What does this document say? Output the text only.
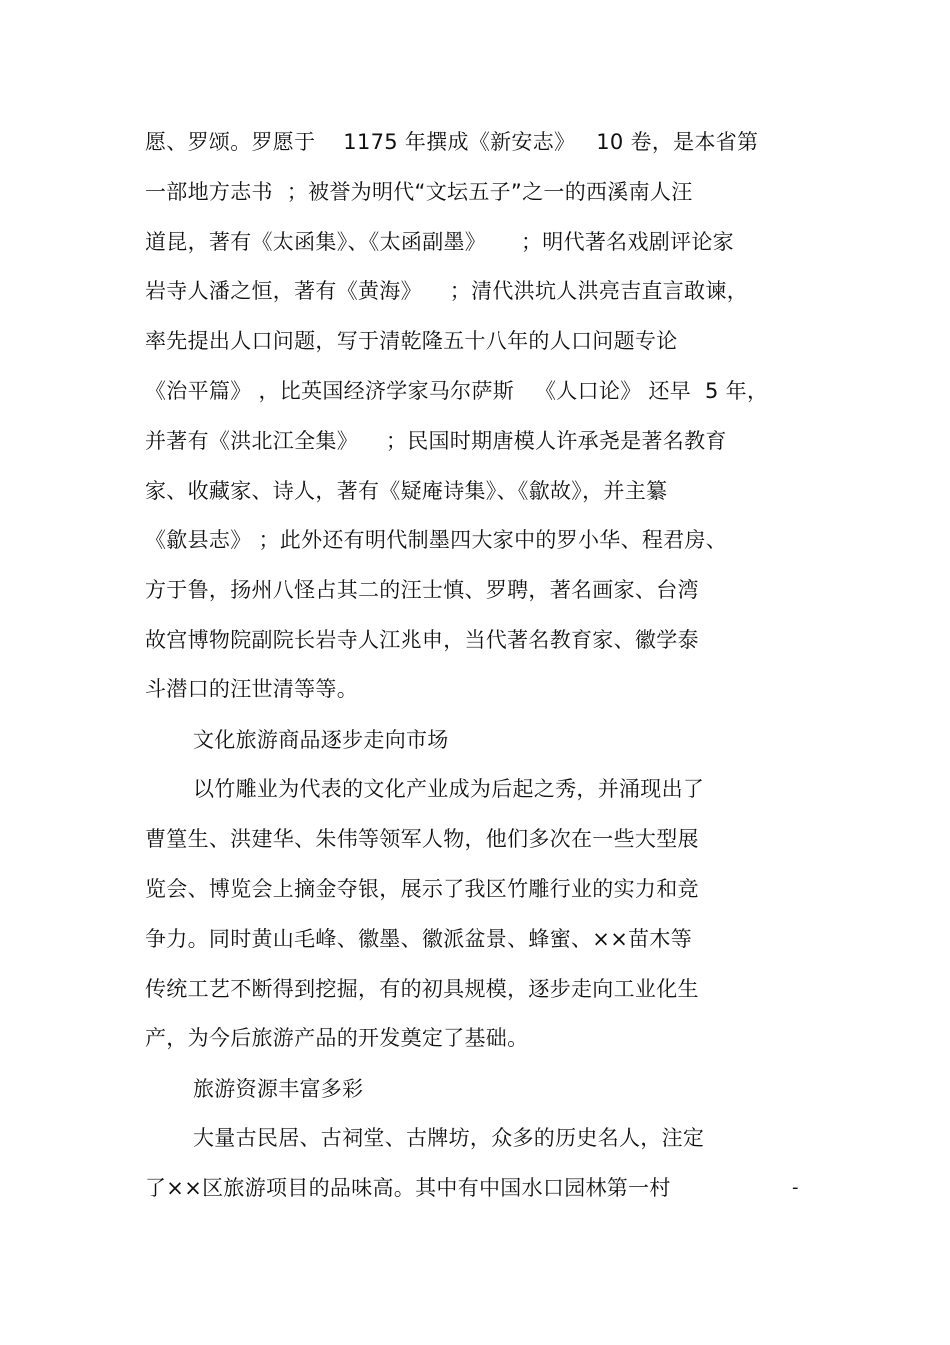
愿、罗颂。罗愿于    1175 年撰成《新安志》   10 卷，是本省第
一部地方志书  ；被誉为明代“文坛五子”之一的西溪南人汪
道昆，著有《太函集》、《太函副墨》     ；明代著名戏剧评论家
岩寺人潘之恒，著有《黄海》    ；清代洪坑人洪亮吉直言敢谏，
率先提出人口问题，写于清乾隆五十八年的人口问题专论
《治平篇》 ，比英国经济学家马尔萨斯   《人口论》 还早  5 年，
并著有《洪北江全集》    ；民国时期唐模人许承尧是著名教育
家、收藏家、诗人，著有《疑庵诗集》、《歙故》，并主纂
《歙县志》 ；此外还有明代制墨四大家中的罗小华、程君房、
方于鲁，扬州八怪占其二的汪士慎、罗聘，著名画家、台湾
故宫博物院副院长岩寺人江兆申，当代著名教育家、徽学泰
斗潜口的汪世清等等。
文化旅游商品逐步走向市场
以竹雕业为代表的文化产业成为后起之秀，并涌现出了
曹篁生、洪建华、朱伟等领军人物，他们多次在一些大型展
览会、博览会上摘金夺银，展示了我区竹雕行业的实力和竞
争力。同时黄山毛峰、徽墨、徽派盆景、蜂蜜、××苗木等
传统工艺不断得到挖掘，有的初具规模，逐步走向工业化生
产，为今后旅游产品的开发奠定了基础。
旅游资源丰富多彩
大量古民居、古祠堂、古牌坊，众多的历史名人，注定
了××区旅游项目的品味高。其中有中国水口园林第一村	-
